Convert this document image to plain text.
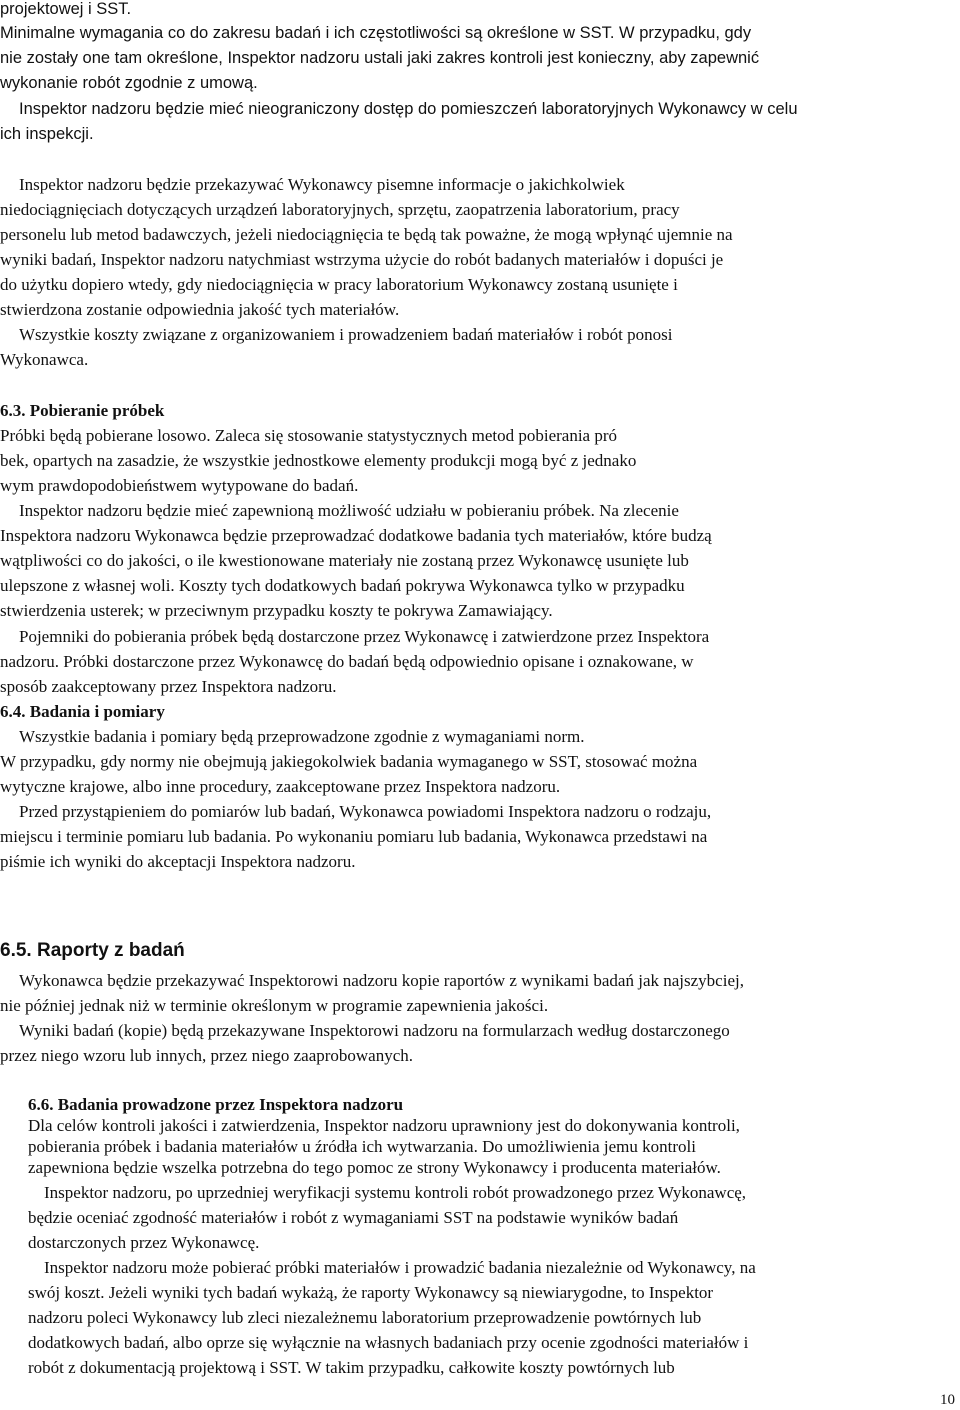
projektowej i SST.
Minimalne wymagania co do zakresu badań i ich częstotliwości są określone w SST. W przypadku, gdy
nie zostały one tam określone, Inspektor nadzoru ustali jaki zakres kontroli jest konieczny, aby zapewnić
wykonanie robót zgodnie z umową.
Inspektor nadzoru będzie mieć nieograniczony dostęp do pomieszczeń laboratoryjnych Wykonawcy w celu
ich inspekcji.
Inspektor nadzoru będzie przekazywać Wykonawcy pisemne informacje o jakichkolwiek
niedociągnięciach dotyczących urządzeń laboratoryjnych, sprzętu, zaopatrzenia laboratorium, pracy
personelu lub metod badawczych, jeżeli niedociągnięcia te będą tak poważne, że mogą wpłynąć ujemnie na
wyniki badań, Inspektor nadzoru natychmiast wstrzyma użycie do robót badanych materiałów i dopuści je
do użytku dopiero wtedy, gdy niedociągnięcia w pracy laboratorium Wykonawcy zostaną usunięte i
stwierdzona zostanie odpowiednia jakość tych materiałów.
Wszystkie koszty związane z organizowaniem i prowadzeniem badań materiałów i robót ponosi
Wykonawca.
6.3. Pobieranie próbek
Próbki będą pobierane losowo. Zaleca się stosowanie statystycznych metod pobierania pró
bek, opartych na zasadzie, że wszystkie jednostkowe elementy produkcji mogą być z jednako
wym prawdopodobieństwem wytypowane do badań.
Inspektor nadzoru będzie mieć zapewnioną możliwość udziału w pobieraniu próbek. Na zlecenie
Inspektora nadzoru Wykonawca będzie przeprowadzać dodatkowe badania tych materiałów, które budzą
wątpliwości co do jakości, o ile kwestionowane materiały nie zostaną przez Wykonawcę usunięte lub
ulepszone z własnej woli. Koszty tych dodatkowych badań pokrywa Wykonawca tylko w przypadku
stwierdzenia usterek; w przeciwnym przypadku koszty te pokrywa Zamawiający.
Pojemniki do pobierania próbek będą dostarczone przez Wykonawcę i zatwierdzone przez Inspektora
nadzoru. Próbki dostarczone przez Wykonawcę do badań będą odpowiednio opisane i oznakowane, w
sposób zaakceptowany przez Inspektora nadzoru.
6.4. Badania i pomiary
Wszystkie badania i pomiary będą przeprowadzone zgodnie z wymaganiami norm.
W przypadku, gdy normy nie obejmują jakiegokolwiek badania wymaganego w SST, stosować można
wytyczne krajowe, albo inne procedury, zaakceptowane przez Inspektora nadzoru.
Przed przystąpieniem do pomiarów lub badań, Wykonawca powiadomi Inspektora nadzoru o rodzaju,
miejscu i terminie pomiaru lub badania. Po wykonaniu pomiaru lub badania, Wykonawca przedstawi na
piśmie ich wyniki do akceptacji Inspektora nadzoru.
6.5. Raporty z badań
Wykonawca będzie przekazywać Inspektorowi nadzoru kopie raportów z wynikami badań jak najszybciej,
nie później jednak niż w terminie określonym w programie zapewnienia jakości.
Wyniki badań (kopie) będą przekazywane Inspektorowi nadzoru na formularzach według dostarczonego
przez niego wzoru lub innych, przez niego zaaprobowanych.
6.6. Badania prowadzone przez Inspektora nadzoru
Dla celów kontroli jakości i zatwierdzenia, Inspektor nadzoru uprawniony jest do dokonywania kontroli,
pobierania próbek i badania materiałów u źródła ich wytwarzania. Do umożliwienia jemu kontroli
zapewniona będzie wszelka potrzebna do tego pomoc ze strony Wykonawcy i producenta materiałów.
Inspektor nadzoru, po uprzedniej weryfikacji systemu kontroli robót prowadzonego przez Wykonawcę,
będzie oceniać zgodność materiałów i robót z wymaganiami SST na podstawie wyników badań
dostarczonych przez Wykonawcę.
Inspektor nadzoru może pobierać próbki materiałów i prowadzić badania niezależnie od Wykonawcy, na
swój koszt. Jeżeli wyniki tych badań wykażą, że raporty Wykonawcy są niewiarygodne, to Inspektor
nadzoru poleci Wykonawcy lub zleci niezależnemu laboratorium przeprowadzenie powtórnych lub
dodatkowych badań, albo oprze się wyłącznie na własnych badaniach przy ocenie zgodności materiałów i
robót z dokumentacją projektową i SST. W takim przypadku, całkowite koszty powtórnych lub
10
